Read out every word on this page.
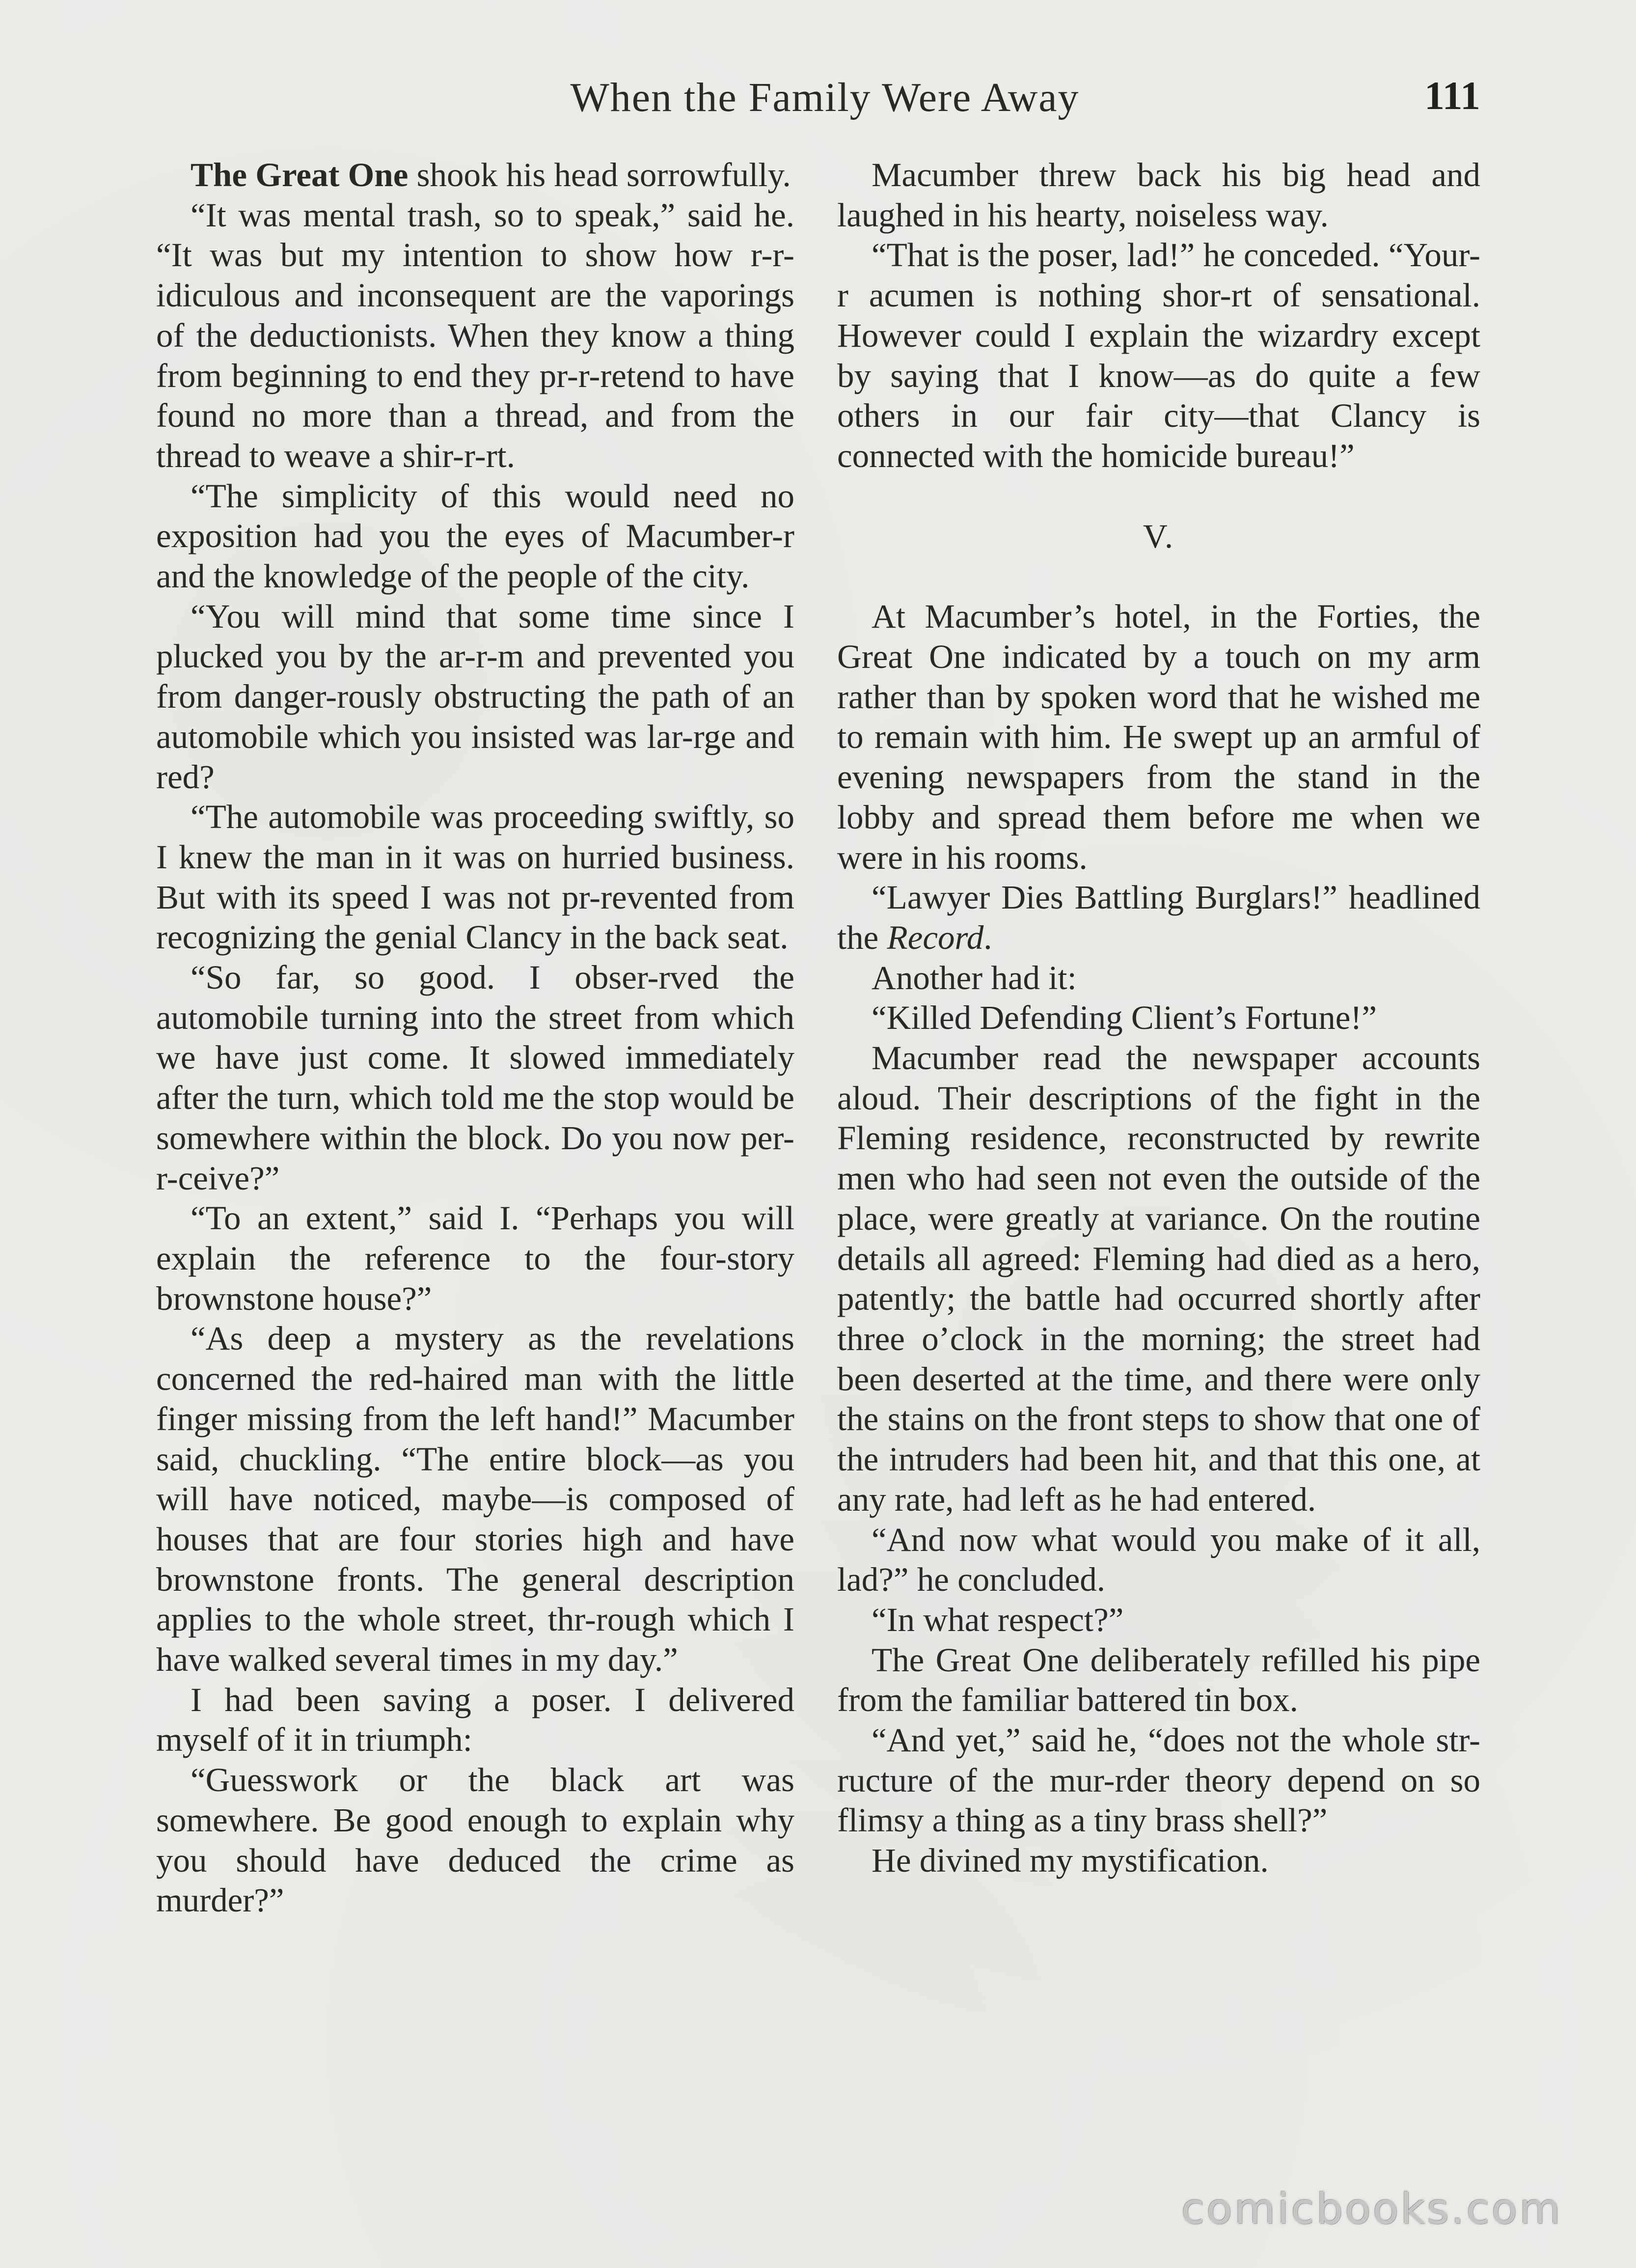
When the Family Were Away	111

The Great One shook his head sorrowfully.

“It was mental trash, so to speak,” said he. “It was but my intention to show how r-r-idiculous and inconsequent are the vaporings of the deductionists. When they know a thing from beginning to end they pr-r-retend to have found no more than a thread, and from the thread to weave a shir-r-rt.

“The simplicity of this would need no exposition had you the eyes of Macumber-r and the knowledge of the people of the city.

“You will mind that some time since I plucked you by the ar-r-m and prevented you from danger-rously obstructing the path of an automobile which you insisted was lar-rge and red?

“The automobile was proceeding swiftly, so I knew the man in it was on hurried business. But with its speed I was not pr-revented from recognizing the genial Clancy in the back seat.

“So far, so good. I obser-rved the automobile turning into the street from which we have just come. It slowed immediately after the turn, which told me the stop would be somewhere within the block. Do you now per-r-ceive?”

“To an extent,” said I. “Perhaps you will explain the reference to the four-story brownstone house?”

“As deep a mystery as the revelations concerned the red-haired man with the little finger missing from the left hand!” Macumber said, chuckling. “The entire block—as you will have noticed, maybe—is composed of houses that are four stories high and have brownstone fronts. The general description applies to the whole street, thr-rough which I have walked several times in my day.”

I had been saving a poser. I delivered myself of it in triumph:

“Guesswork or the black art was somewhere. Be good enough to explain why you should have deduced the crime as murder?”

Macumber threw back his big head and laughed in his hearty, noiseless way.

“That is the poser, lad!” he conceded. “Your-r acumen is nothing shor-rt of sensational. However could I explain the wizardry except by saying that I know—as do quite a few others in our fair city—that Clancy is connected with the homicide bureau!”

V.

At Macumber’s hotel, in the Forties, the Great One indicated by a touch on my arm rather than by spoken word that he wished me to remain with him. He swept up an armful of evening newspapers from the stand in the lobby and spread them before me when we were in his rooms.

“Lawyer Dies Battling Burglars!” headlined the Record.

Another had it:

“Killed Defending Client’s Fortune!”

Macumber read the newspaper accounts aloud. Their descriptions of the fight in the Fleming residence, reconstructed by rewrite men who had seen not even the outside of the place, were greatly at variance. On the routine details all agreed: Fleming had died as a hero, patently; the battle had occurred shortly after three o’clock in the morning; the street had been deserted at the time, and there were only the stains on the front steps to show that one of the intruders had been hit, and that this one, at any rate, had left as he had entered.

“And now what would you make of it all, lad?” he concluded.

“In what respect?”

The Great One deliberately refilled his pipe from the familiar battered tin box.

“And yet,” said he, “does not the whole str-ructure of the mur-rder theory depend on so flimsy a thing as a tiny brass shell?”

He divined my mystification.

comicbooks.com
